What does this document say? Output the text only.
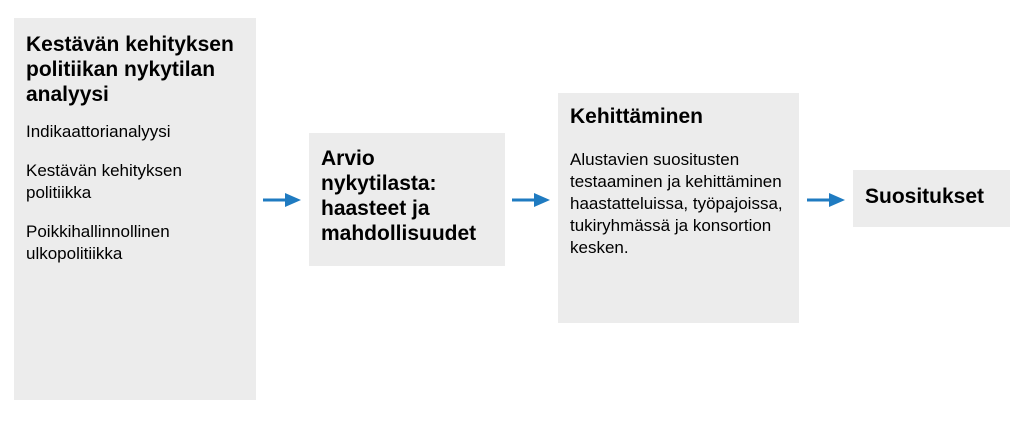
Kestävän kehityksen politiikan nykytilan analyysi

Indikaattorianalyysi

Kestävän kehityksen politiikka

Poikkihallinnollinen ulkopolitiikka

Arvio nykytilasta: haasteet ja mahdollisuudet

Kehittäminen

Alustavien suositusten testaaminen ja kehittäminen haastatteluissa, työpajoissa, tukiryhmässä ja konsortion kesken.

Suositukset
